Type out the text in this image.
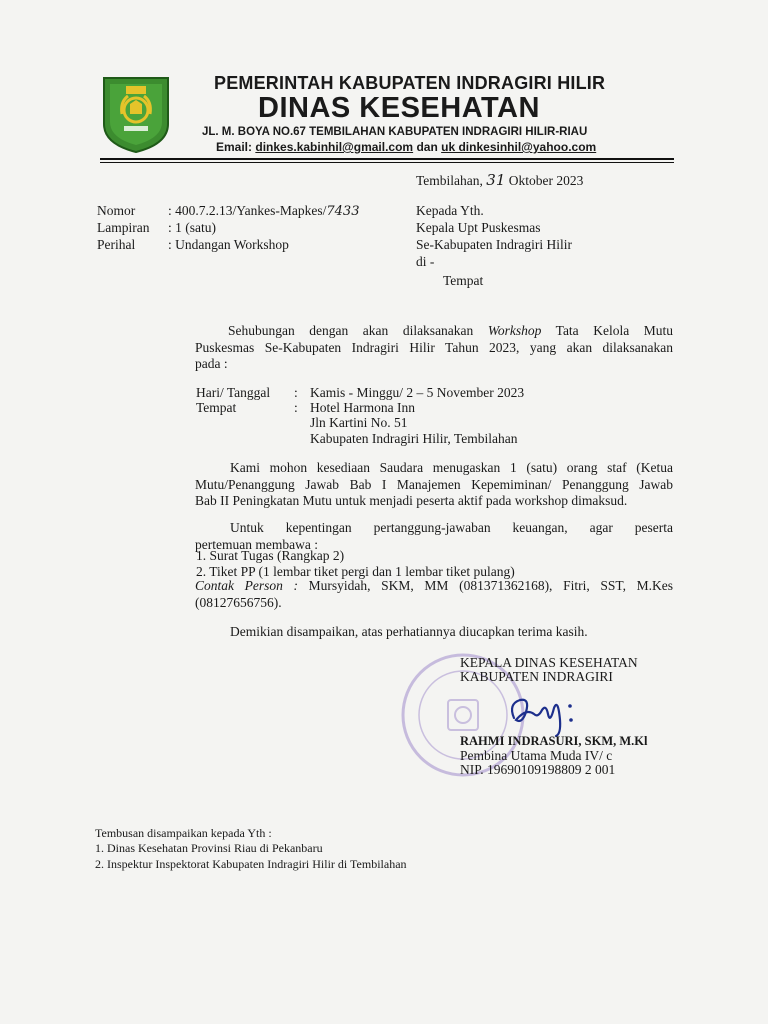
PEMERINTAH KABUPATEN INDRAGIRI HILIR
DINAS KESEHATAN
JL. M. BOYA NO.67 TEMBILAHAN KABUPATEN INDRAGIRI HILIR-RIAU
Email: dinkes.kabinhil@gmail.com dan uk dinkesinhil@yahoo.com
Tembilahan, 31 Oktober 2023
Nomor : 400.7.2.13/Yankes-Mapkes/7433
Lampiran : 1 (satu)
Perihal : Undangan Workshop
Kepada Yth.
Kepala Upt Puskesmas
Se-Kabupaten Indragiri Hilir
di -
Tempat
Sehubungan dengan akan dilaksanakan Workshop Tata Kelola Mutu
Puskesmas Se-Kabupaten Indragiri Hilir Tahun 2023, yang akan dilaksanakan
pada :
Hari/ Tanggal : Kamis - Minggu/ 2 – 5 November 2023
Tempat	: Hotel Harmona Inn
Jln Kartini No. 51
Kabupaten Indragiri Hilir, Tembilahan
Kami mohon kesediaan Saudara menugaskan 1 (satu) orang staf (Ketua
Mutu/Penanggung Jawab Bab I Manajemen Kepemiminan/ Penanggung Jawab
Bab II Peningkatan Mutu untuk menjadi peserta aktif pada workshop dimaksud.
Untuk kepentingan pertanggung-jawaban keuangan, agar peserta
pertemuan membawa :
1. Surat Tugas (Rangkap 2)
2. Tiket PP (1 lembar tiket pergi dan 1 lembar tiket pulang)
Contak Person : Mursyidah, SKM, MM (081371362168), Fitri, SST, M.Kes
(08127656756).
Demikian disampaikan, atas perhatiannya diucapkan terima kasih.
KEPALA DINAS KESEHATAN
KABUPATEN INDRAGIRI
RAHMI INDRASURI, SKM, M.Kl
Pembina Utama Muda IV/ c
NIP. 19690109198809 2 001
Tembusan disampaikan kepada Yth :
1. Dinas Kesehatan Provinsi Riau di Pekanbaru
2. Inspektur Inspektorat Kabupaten Indragiri Hilir di Tembilahan
